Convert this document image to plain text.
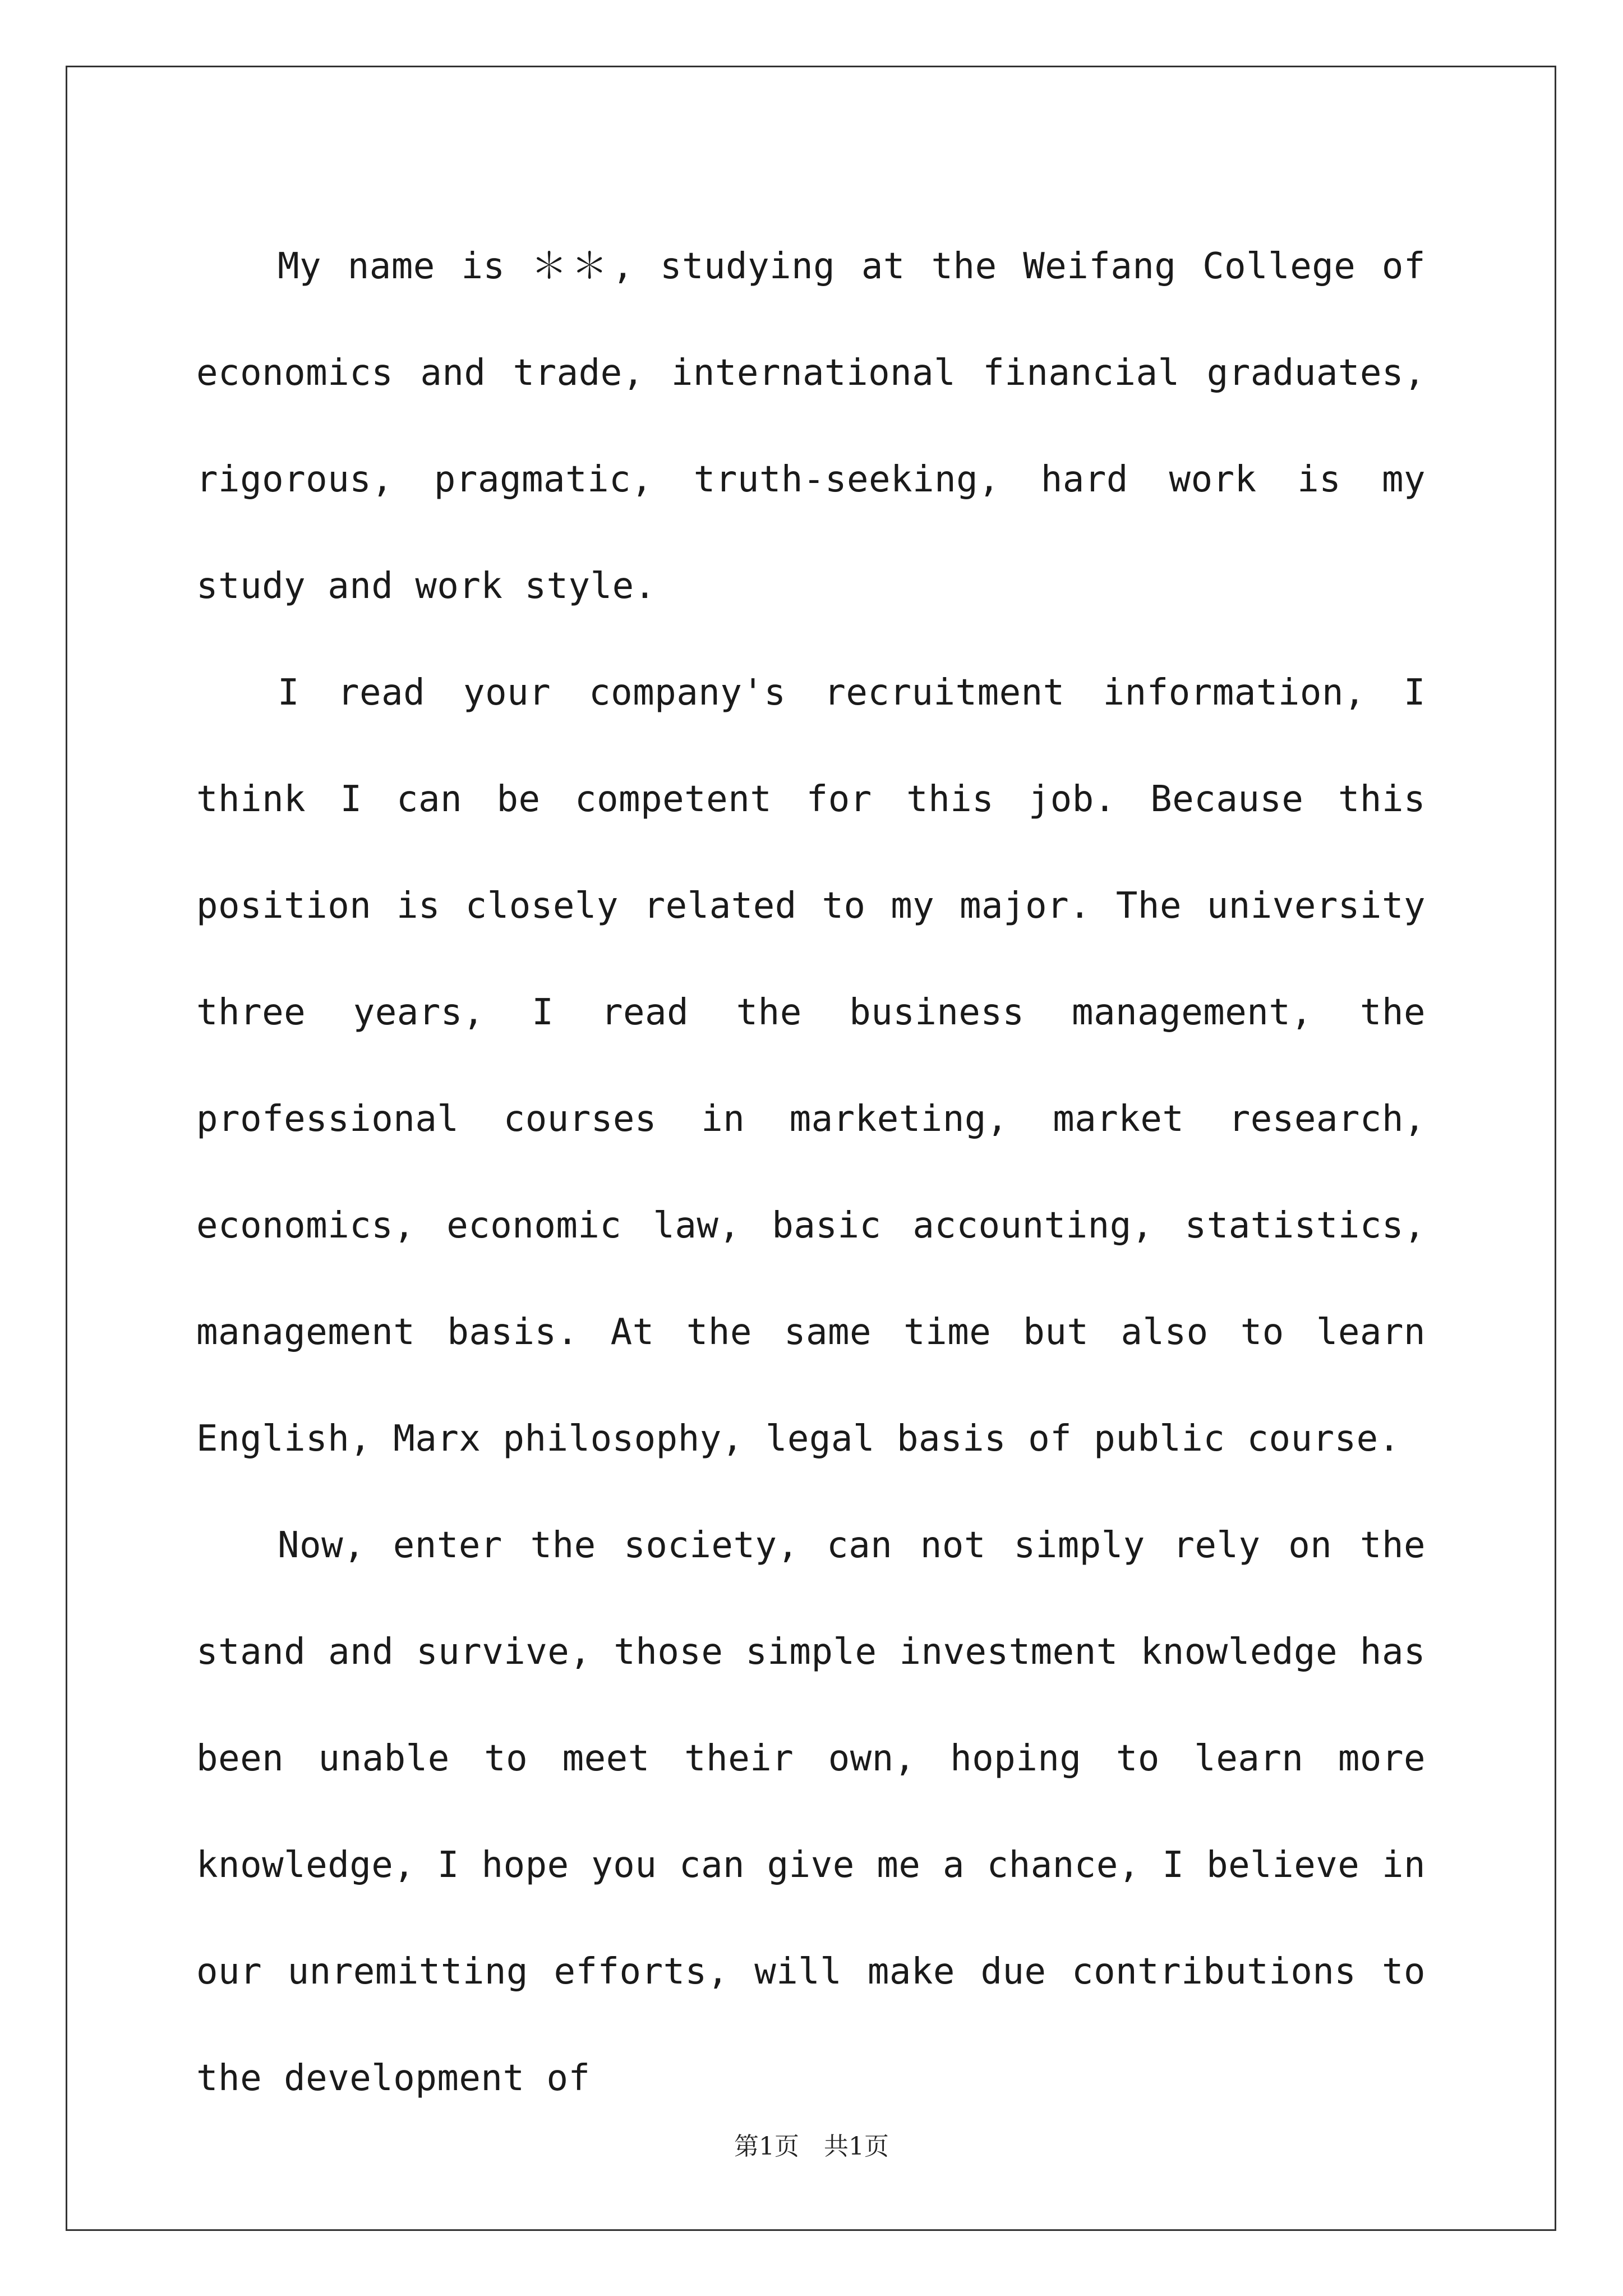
My name is ＊＊, studying at the Weifang College of economics and trade, international financial graduates, rigorous, pragmatic, truth-seeking, hard work is my study and work style.

I read your company's recruitment information, I think I can be competent for this job. Because this position is closely related to my major. The university three years, I read the business management, the professional courses in marketing, market research, economics, economic law, basic accounting, statistics, management basis. At the same time but also to learn English, Marx philosophy, legal basis of public course.

Now, enter the society, can not simply rely on the stand and survive, those simple investment knowledge has been unable to meet their own, hoping to learn more knowledge, I hope you can give me a chance, I believe in our unremitting efforts, will make due contributions to the development of

第1页　共1页
